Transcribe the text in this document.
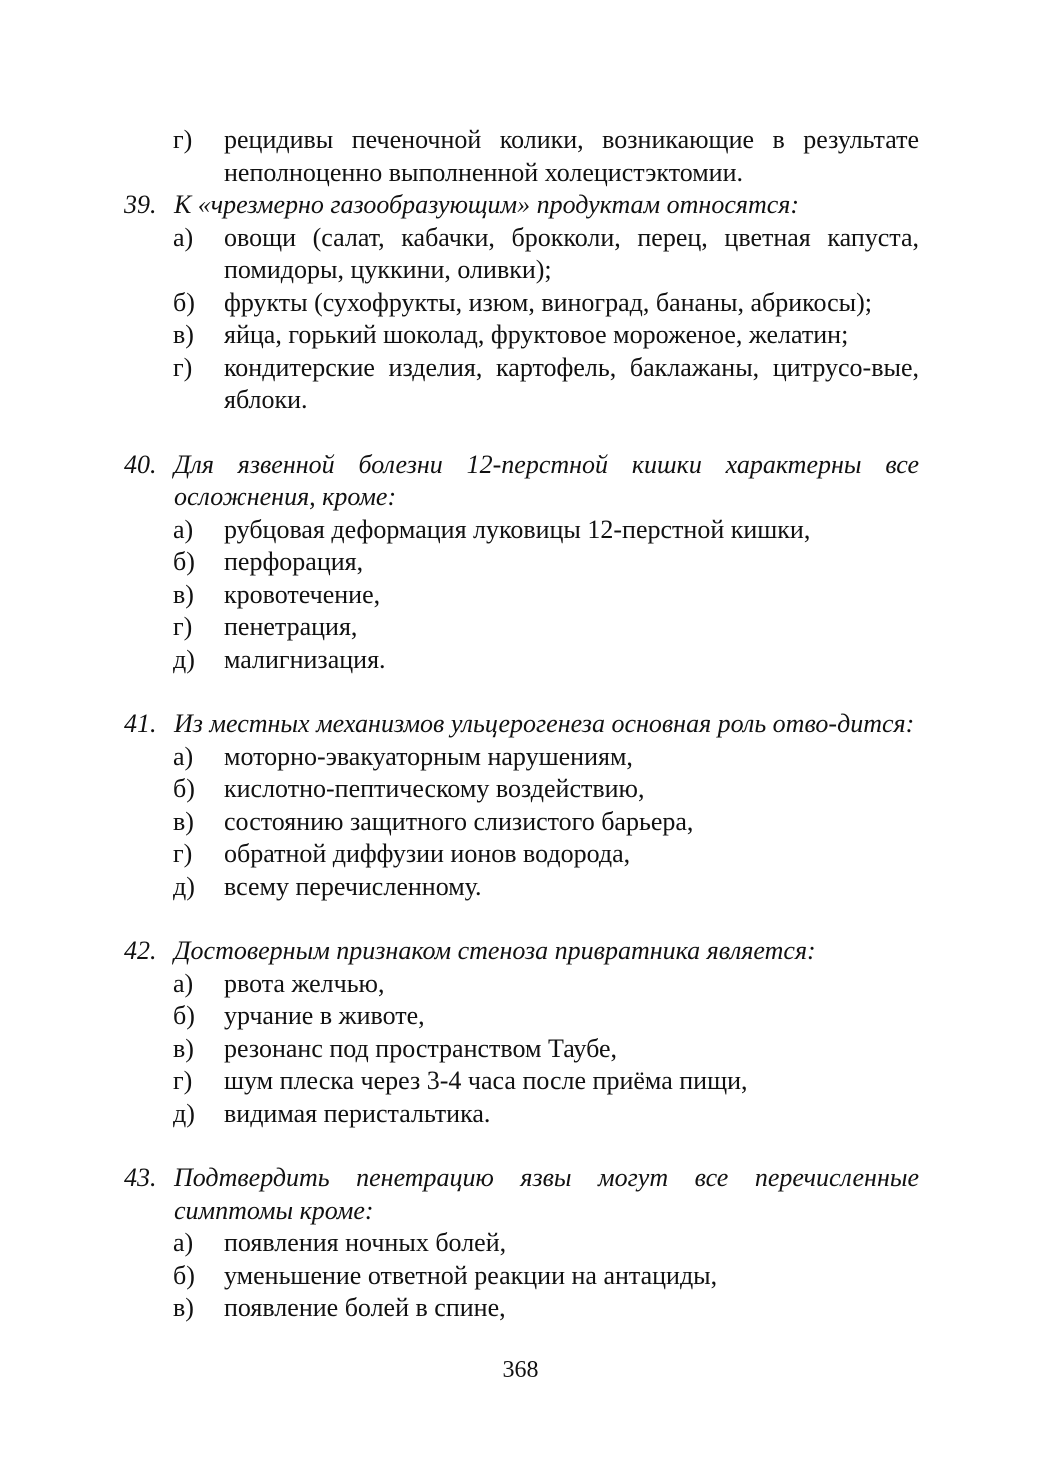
г) рецидивы печеночной колики, возникающие в результате неполноценно выполненной холецистэктомии.
39. К «чрезмерно газообразующим» продуктам относятся:
а) овощи (салат, кабачки, брокколи, перец, цветная капуста, помидоры, цуккини, оливки);
б) фрукты (сухофрукты, изюм, виноград, бананы, абрикосы);
в) яйца, горький шоколад, фруктовое мороженое, желатин;
г) кондитерские изделия, картофель, баклажаны, цитрусо-вые, яблоки.
40. Для язвенной болезни 12-перстной кишки характерны все осложнения, кроме:
а) рубцовая деформация луковицы 12-перстной кишки,
б) перфорация,
в) кровотечение,
г) пенетрация,
д) малигнизация.
41. Из местных механизмов ульцерогенеза основная роль отво-дится:
а) моторно-эвакуаторным нарушениям,
б) кислотно-пептическому воздействию,
в) состоянию защитного слизистого барьера,
г) обратной диффузии ионов водорода,
д) всему перечисленному.
42. Достоверным признаком стеноза привратника является:
а) рвота желчью,
б) урчание в животе,
в) резонанс под пространством Таубе,
г) шум плеска через 3-4 часа после приёма пищи,
д) видимая перистальтика.
43. Подтвердить пенетрацию язвы могут все перечисленные симптомы кроме:
а) появления ночных болей,
б) уменьшение ответной реакции на антациды,
в) появление болей в спине,
368
